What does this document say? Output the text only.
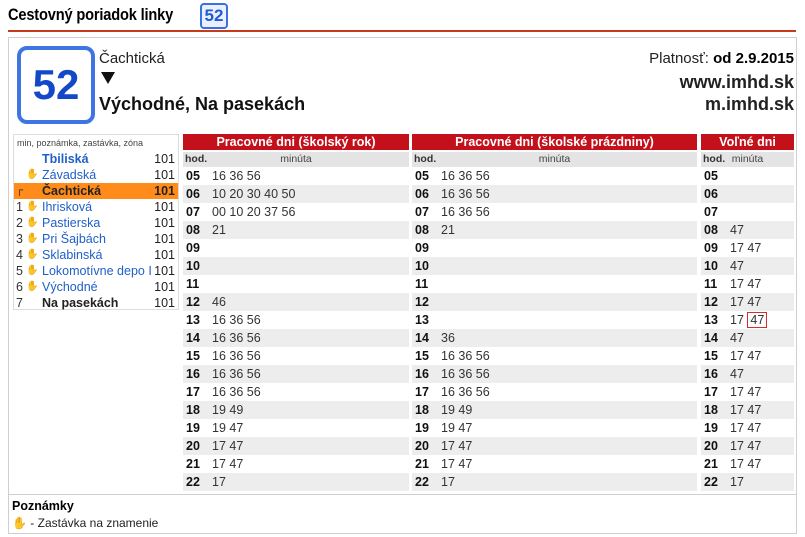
Cestovný poriadok linky 52
52
Čachtická
Východné, Na pasekách
Platnosť: od 2.9.2015
www.imhd.sk
m.imhd.sk
min, poznámka, zastávka, zóna
Tbiliská	101
✋ Závadská	101
┌ Čachtická	101
1 ✋ Ihrisková	101
2 ✋ Pastierska	101
3 ✋ Pri Šajbách	101
4 ✋ Sklabinská	101
5 ✋ Lokomotívne depo I 101
6 ✋ Východné	101
7 Na pasekách	101
Pracovné dni (školský rok)
minúta
hod.
05 16 36 56
06 10 20 30 40 50
07 00 10 20 37 56
08 21
09
10
11
12 46
13 16 36 56
14 16 36 56
15 16 36 56
16 16 36 56
17 16 36 56
18 19 49
19 19 47
20 17 47
21 17 47
22 17
Pracovné dni (školské prázdniny)
minúta
hod.
05 16 36 56
06 16 36 56
07 16 36 56
08 21
09
10
11
12
13
14 36
15 16 36 56
16 16 36 56
17 16 36 56
18 19 49
19 19 47
20 17 47
21 17 47
22 17
Voľné dni
minúta
hod.
05
06
07
08 47
09 17 47
10 47
11 17 47
12 17 47
13 17 47
14 47
15 17 47
16 47
17 17 47
18 17 47
19 17 47
20 17 47
21 17 47
22 17
Poznámky
✋ - Zastávka na znamenie
